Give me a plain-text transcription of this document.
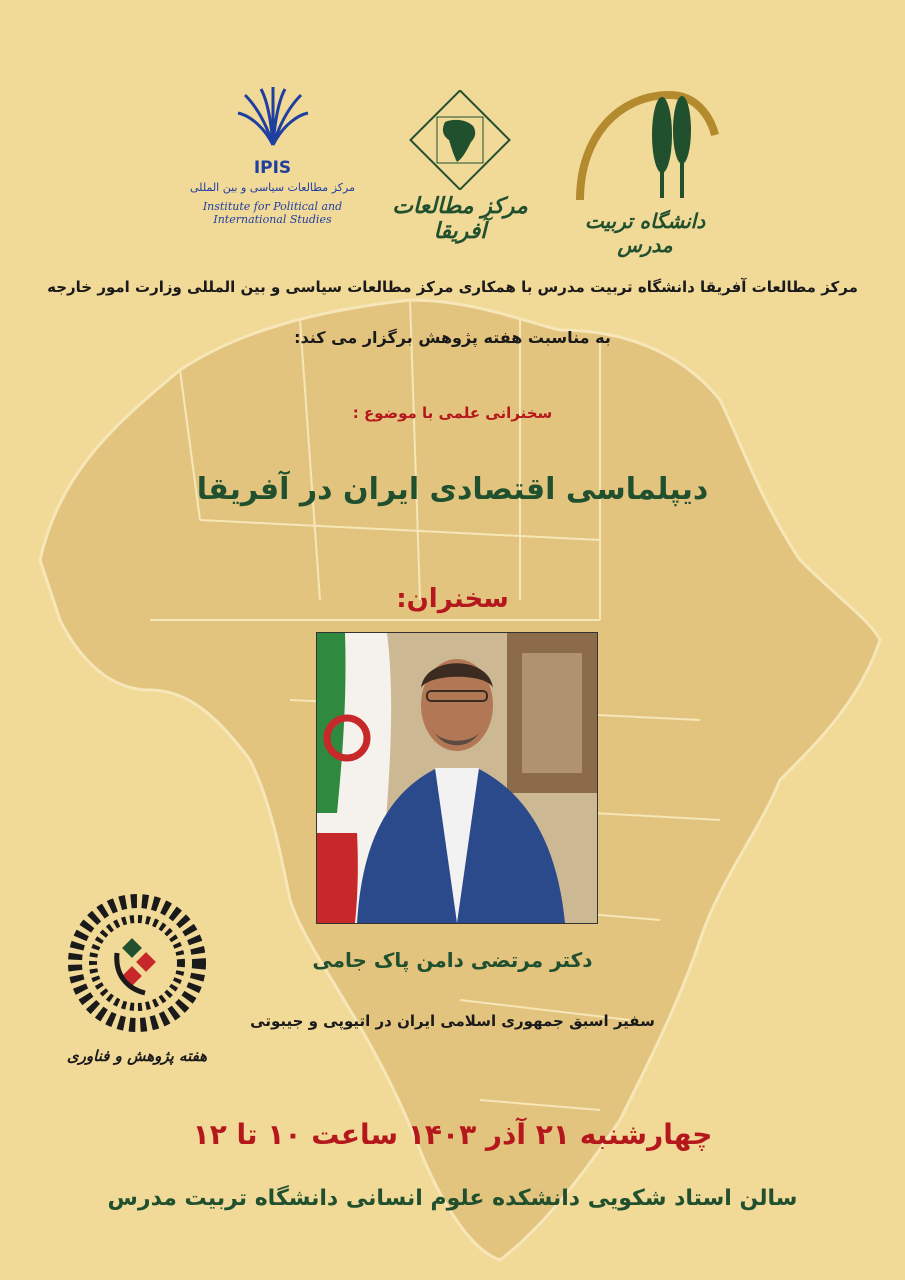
IPIS
مرکز مطالعات سیاسی و بین المللی
Institute for Political and
International Studies
مرکز مطالعات آفریقا	دانشگاه تربیت مدرس
مرکز مطالعات آفریقا دانشگاه تربیت مدرس با همکاری مرکز مطالعات سیاسی و بین المللی وزارت امور خارجه
به مناسبت هفته پژوهش برگزار می کند:
سخنرانی علمی با موضوع :
دیپلماسی اقتصادی ایران در آفریقا
سخنران:
هفته پژوهش و فناوری
دکتر مرتضی دامن پاک جامی
سفیر اسبق جمهوری اسلامی ایران در اتیوپی و جیبوتی
چهارشنبه ۲۱ آذر ۱۴۰۳ ساعت ۱۰ تا ۱۲
سالن استاد شکویی دانشکده علوم انسانی دانشگاه تربیت مدرس
